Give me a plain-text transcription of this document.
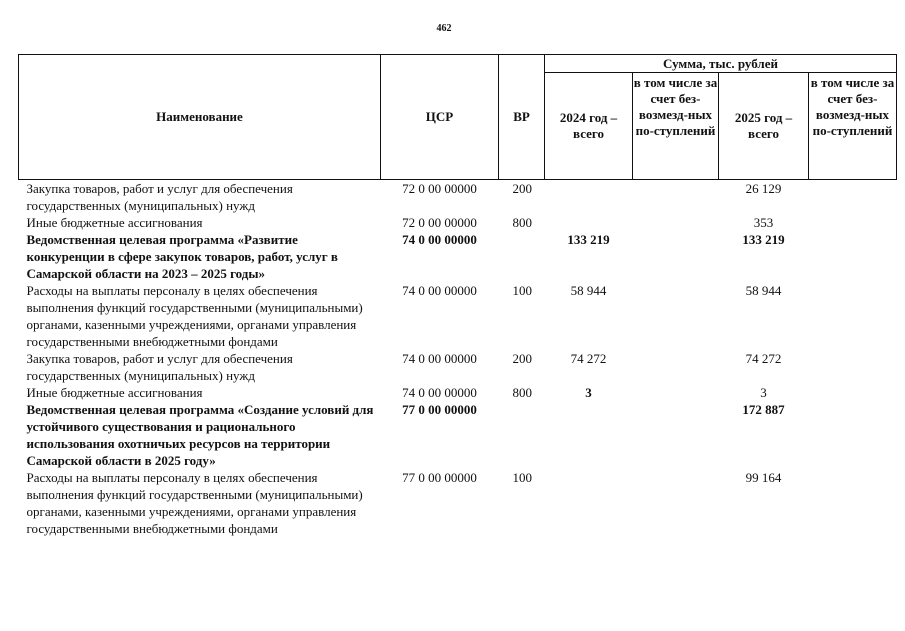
462
Наименование	ЦСР	ВР	Сумма, тыс. рублей			
			2024 год – всего	в том числе за счет без-возмезд-ных по-ступлений	2025 год – всего	в том числе за счет без-возмезд-ных по-ступлений
Закупка товаров, работ и услуг для обеспечения государственных (муниципальных) нужд	72 0 00 00000	200			26 129	
Иные бюджетные ассигнования	72 0 00 00000	800			353	
Ведомственная целевая программа «Развитие конкуренции в сфере закупок товаров, работ, услуг в Самарской области на 2023 – 2025 годы»	74 0 00 00000		133 219		133 219	
Расходы на выплаты персоналу в целях обеспечения выполнения функций государственными (муниципальными) органами, казенными учреждениями, органами управления государственными внебюджетными фондами	74 0 00 00000	100	58 944		58 944	
Закупка товаров, работ и услуг для обеспечения государственных (муниципальных) нужд	74 0 00 00000	200	74 272		74 272	
Иные бюджетные ассигнования	74 0 00 00000	800	3		3	
Ведомственная целевая программа «Создание условий для устойчивого существования и рационального использования охотничьих ресурсов на территории Самарской области в 2025 году»	77 0 00 00000				172 887	
Расходы на выплаты персоналу в целях обеспечения выполнения функций государственными (муниципальными) органами, казенными учреждениями, органами управления государственными внебюджетными фондами	77 0 00 00000	100			99 164	
